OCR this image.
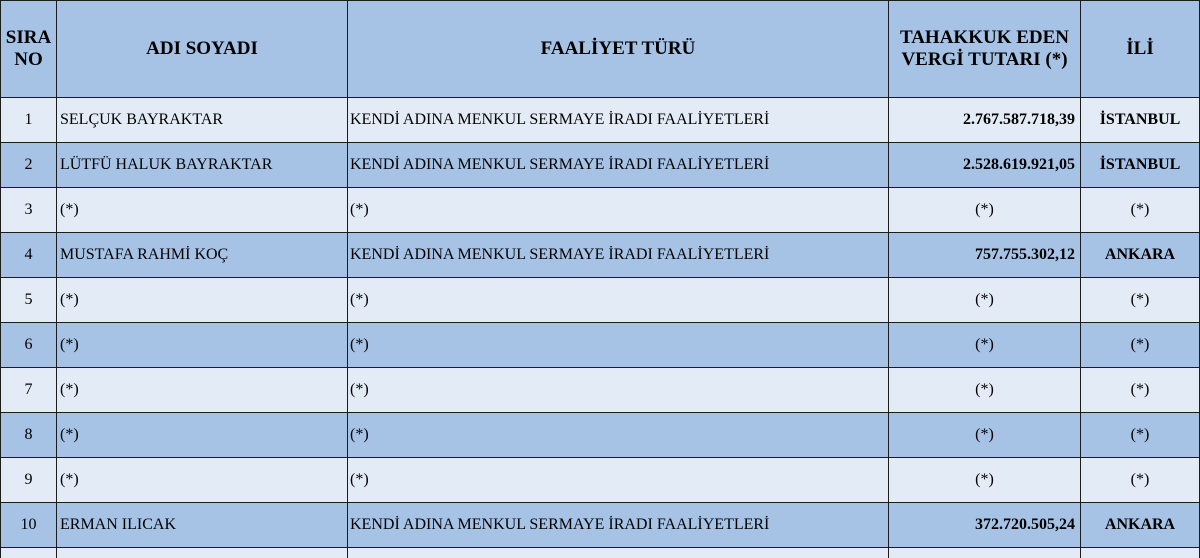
SIRA NO	ADI SOYADI	FAALİYET TÜRÜ	TAHAKKUK EDEN VERGİ TUTARI (*)	İLİ
1	SELÇUK BAYRAKTAR	KENDİ ADINA MENKUL SERMAYE İRADI FAALİYETLERİ	2.767.587.718,39	İSTANBUL
2	LÜTFÜ HALUK BAYRAKTAR	KENDİ ADINA MENKUL SERMAYE İRADI FAALİYETLERİ	2.528.619.921,05	İSTANBUL
3	(*)	(*)	(*)	(*)
4	MUSTAFA RAHMİ KOÇ	KENDİ ADINA MENKUL SERMAYE İRADI FAALİYETLERİ	757.755.302,12	ANKARA
5	(*)	(*)	(*)	(*)
6	(*)	(*)	(*)	(*)
7	(*)	(*)	(*)	(*)
8	(*)	(*)	(*)	(*)
9	(*)	(*)	(*)	(*)
10	ERMAN ILICAK	KENDİ ADINA MENKUL SERMAYE İRADI FAALİYETLERİ	372.720.505,24	ANKARA
